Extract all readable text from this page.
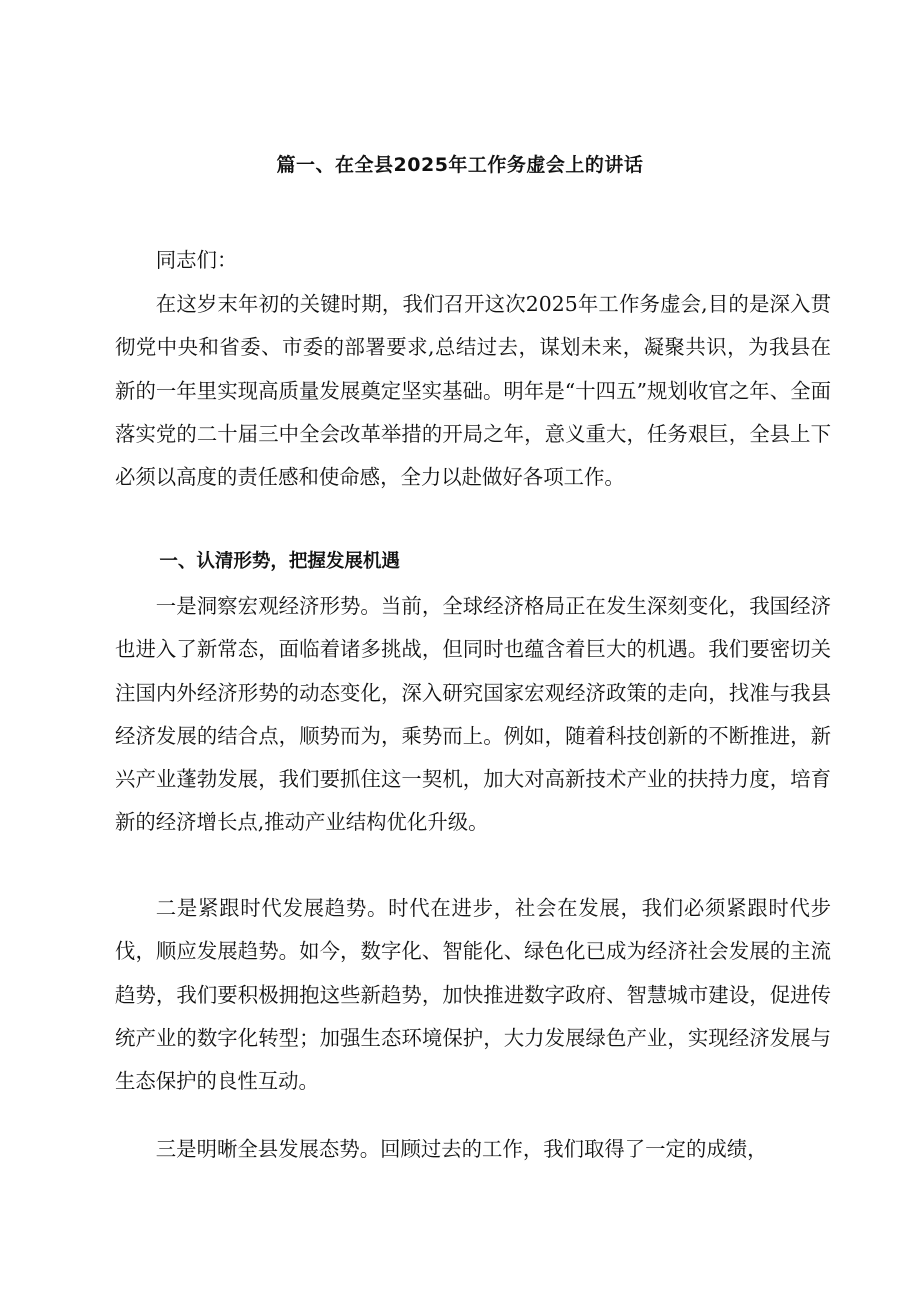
篇一、在全县2025年工作务虚会上的讲话

同志们：

在这岁末年初的关键时期，我们召开这次2025年工作务虚会,目的是深入贯彻党中央和省委、市委的部署要求,总结过去，谋划未来，凝聚共识，为我县在新的一年里实现高质量发展奠定坚实基础。明年是“十四五”规划收官之年、全面落实党的二十届三中全会改革举措的开局之年，意义重大，任务艰巨，全县上下必须以高度的责任感和使命感，全力以赴做好各项工作。

一、认清形势，把握发展机遇

一是洞察宏观经济形势。当前，全球经济格局正在发生深刻变化，我国经济也进入了新常态，面临着诸多挑战，但同时也蕴含着巨大的机遇。我们要密切关注国内外经济形势的动态变化，深入研究国家宏观经济政策的走向，找准与我县经济发展的结合点，顺势而为，乘势而上。例如，随着科技创新的不断推进，新兴产业蓬勃发展，我们要抓住这一契机，加大对高新技术产业的扶持力度，培育新的经济增长点,推动产业结构优化升级。

二是紧跟时代发展趋势。时代在进步，社会在发展，我们必须紧跟时代步伐，顺应发展趋势。如今，数字化、智能化、绿色化已成为经济社会发展的主流趋势，我们要积极拥抱这些新趋势，加快推进数字政府、智慧城市建设，促进传统产业的数字化转型；加强生态环境保护，大力发展绿色产业，实现经济发展与生态保护的良性互动。

三是明晰全县发展态势。回顾过去的工作，我们取得了一定的成绩，
